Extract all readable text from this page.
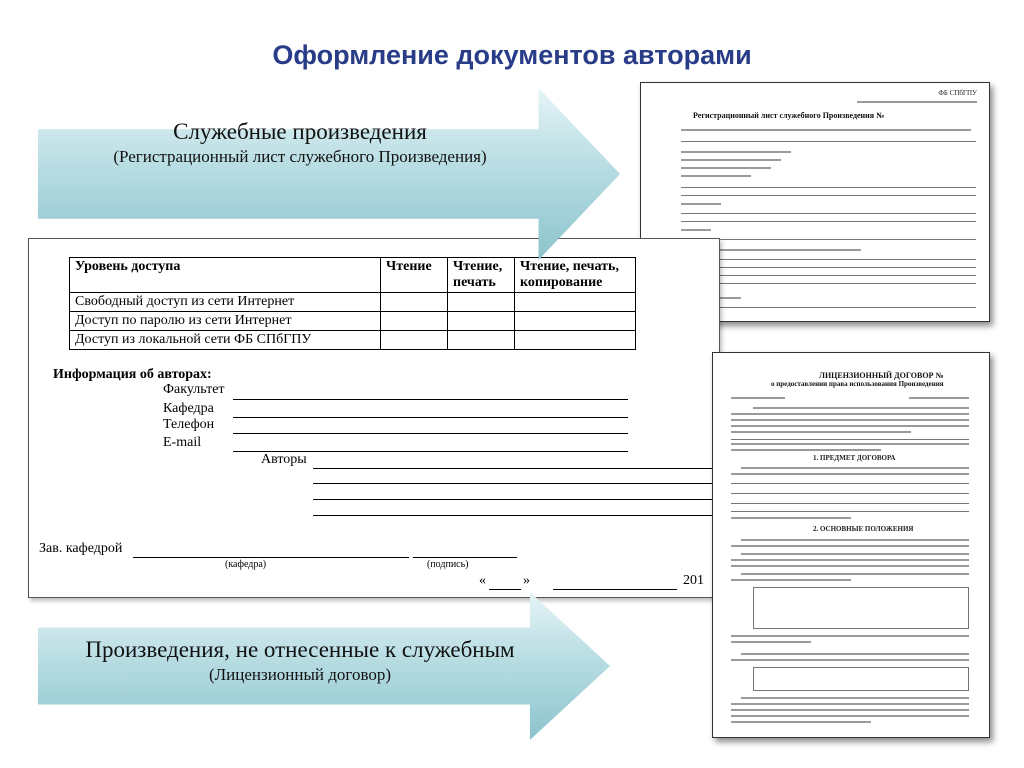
Оформление документов авторами
ФБ СПбГПУ
Регистрационный лист служебного Произведения №
Уровень доступа	Чтение	Чтение, печать	Чтение, печать, копирование
Свободный доступ из сети Интернет			
Доступ по паролю из сети Интернет			
Доступ из локальной сети ФБ СПбГПУ			
Информация об авторах:
Факультет
Кафедра
Телефон
E-mail
Авторы
Зав. кафедрой
(кафедра)	(подпись)
«	»	201
ЛИЦЕНЗИОННЫЙ ДОГОВОР №
о предоставлении права использования Произведения
1. ПРЕДМЕТ ДОГОВОРА
2. ОСНОВНЫЕ ПОЛОЖЕНИЯ
Служебные произведения
(Регистрационный лист служебного Произведения)
Произведения, не отнесенные к служебным
(Лицензионный договор)
